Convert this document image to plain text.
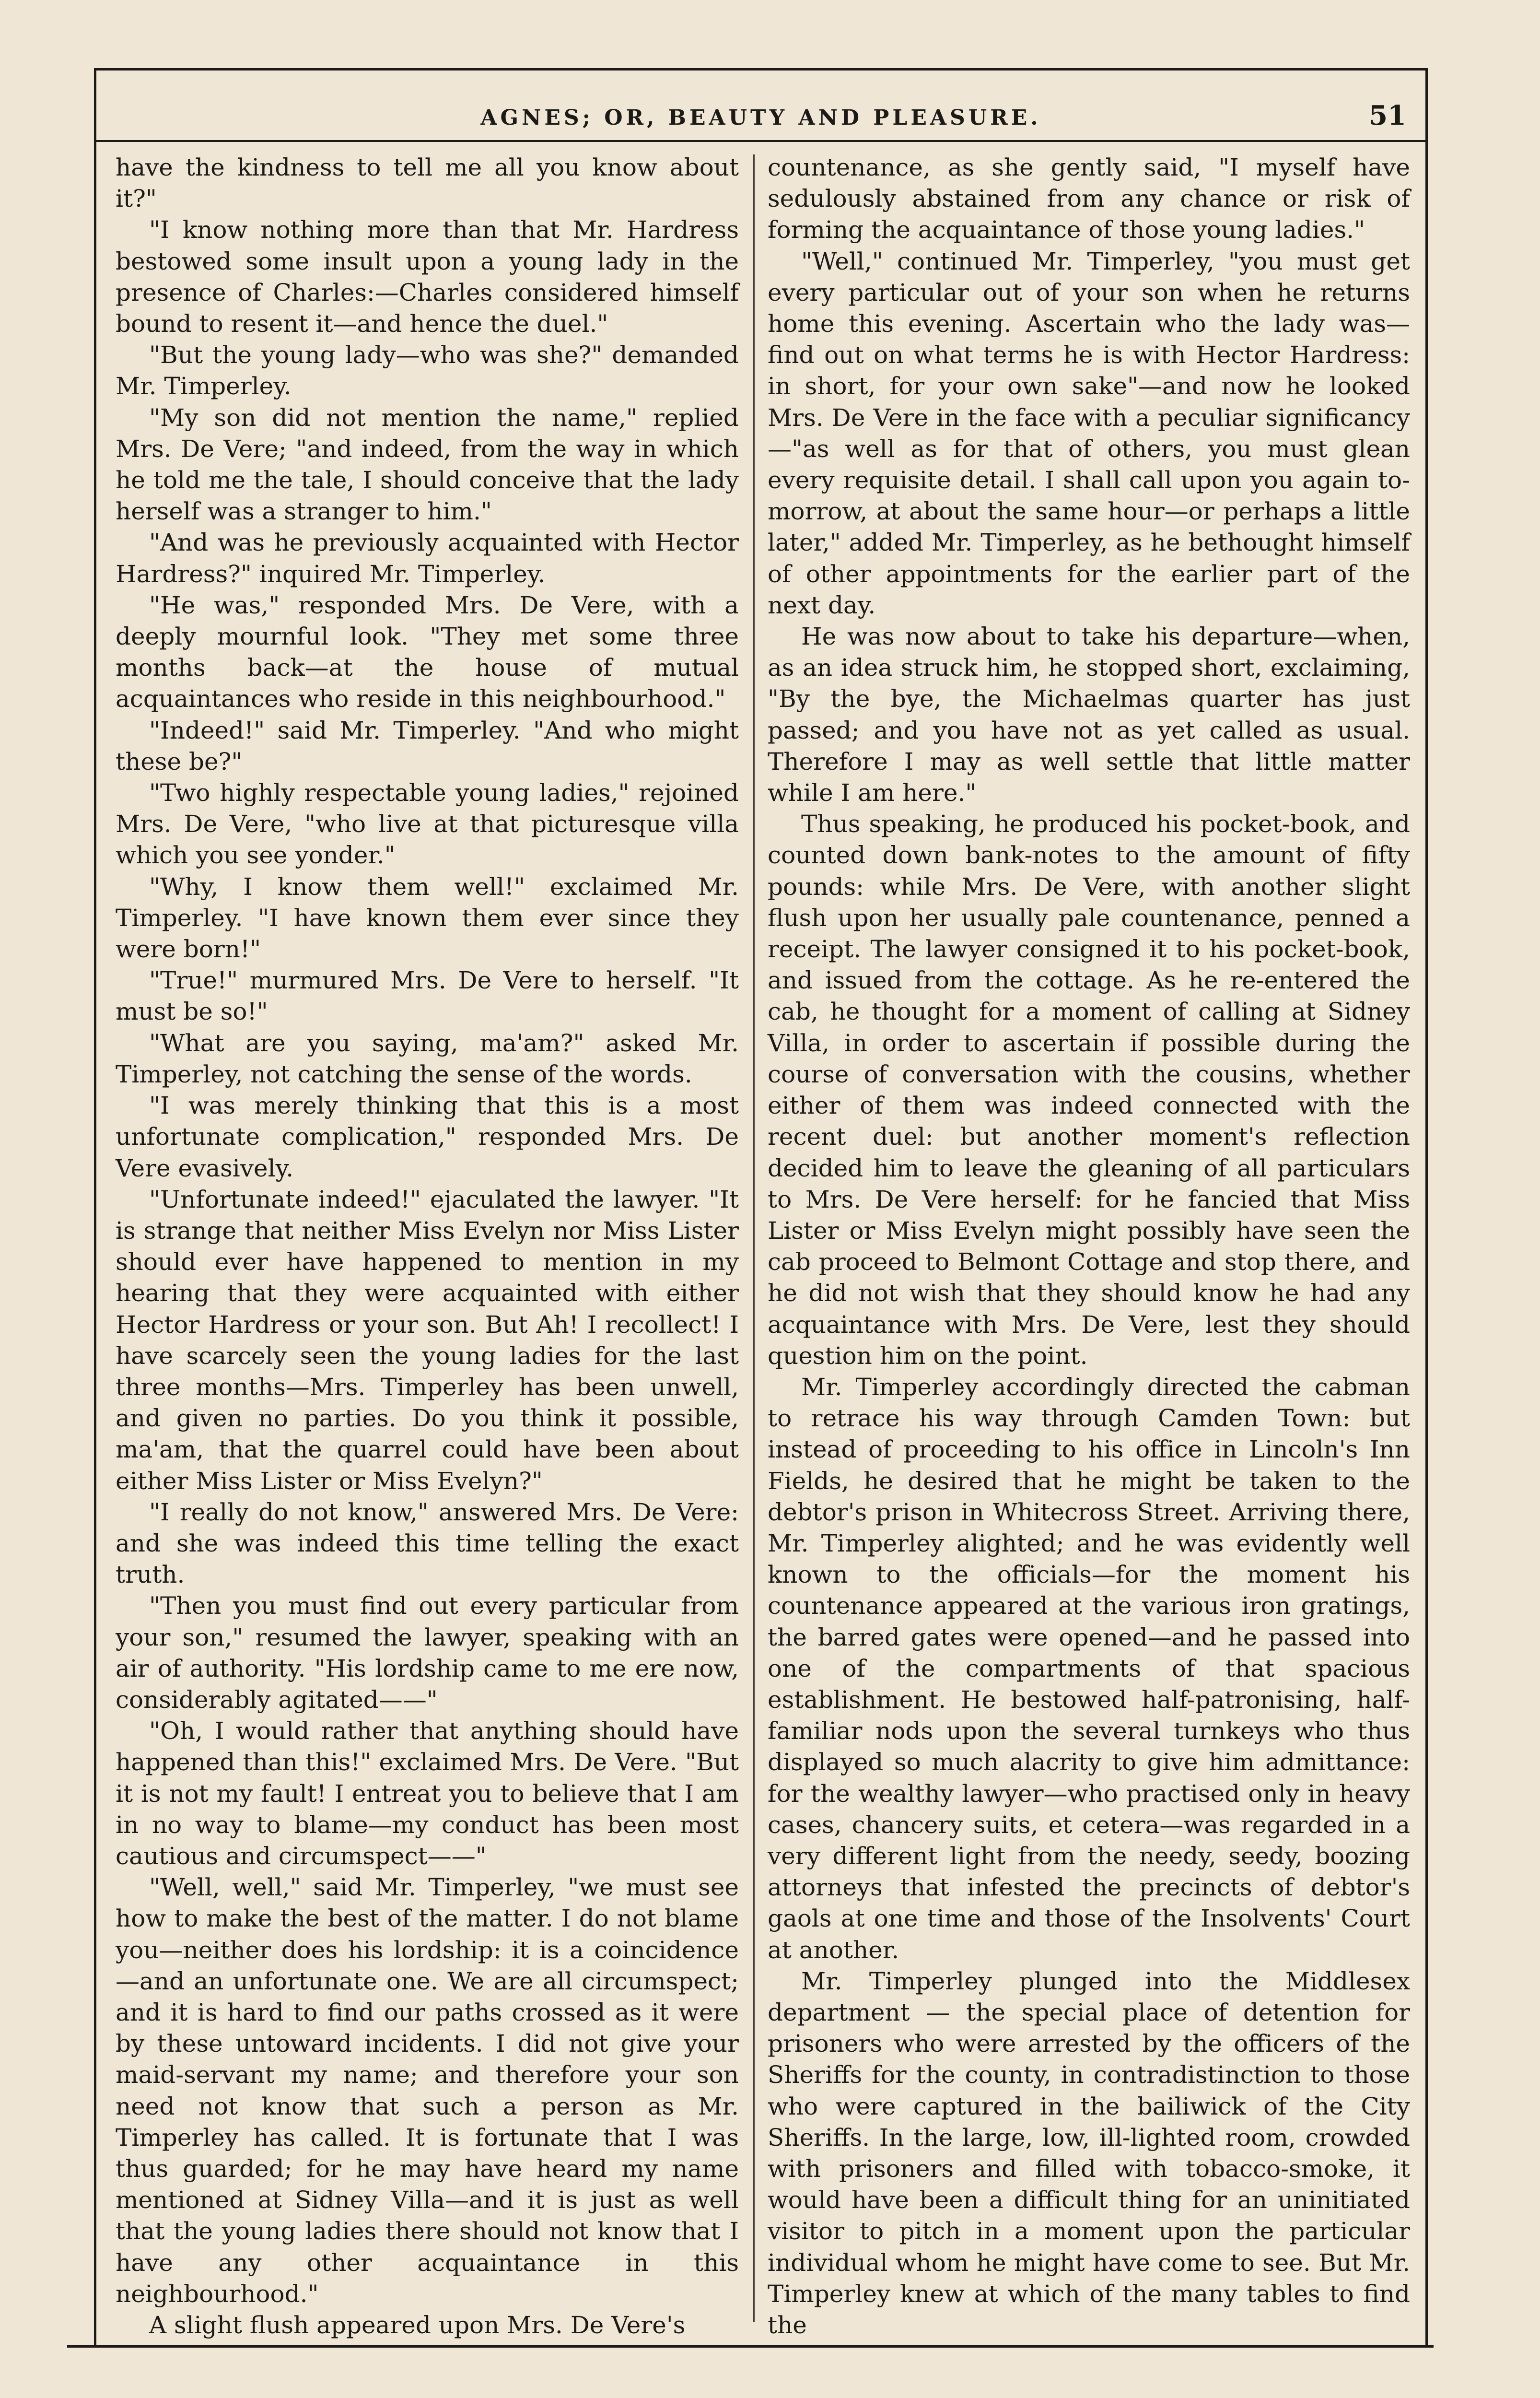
AGNES; OR, BEAUTY AND PLEASURE.	51

have the kindness to tell me all you know about it?"

"I know nothing more than that Mr. Hardress bestowed some insult upon a young lady in the presence of Charles:—Charles considered himself bound to resent it—and hence the duel."

"But the young lady—who was she?" demanded Mr. Timperley.

"My son did not mention the name," replied Mrs. De Vere; "and indeed, from the way in which he told me the tale, I should conceive that the lady herself was a stranger to him."

"And was he previously acquainted with Hector Hardress?" inquired Mr. Timperley.

"He was," responded Mrs. De Vere, with a deeply mournful look. "They met some three months back—at the house of mutual acquaintances who reside in this neighbourhood."

"Indeed!" said Mr. Timperley. "And who might these be?"

"Two highly respectable young ladies," rejoined Mrs. De Vere, "who live at that picturesque villa which you see yonder."

"Why, I know them well!" exclaimed Mr. Timperley. "I have known them ever since they were born!"

"True!" murmured Mrs. De Vere to herself. "It must be so!"

"What are you saying, ma'am?" asked Mr. Timperley, not catching the sense of the words.

"I was merely thinking that this is a most unfortunate complication," responded Mrs. De Vere evasively.

"Unfortunate indeed!" ejaculated the lawyer. "It is strange that neither Miss Evelyn nor Miss Lister should ever have happened to mention in my hearing that they were acquainted with either Hector Hardress or your son. But Ah! I recollect! I have scarcely seen the young ladies for the last three months—Mrs. Timperley has been unwell, and given no parties. Do you think it possible, ma'am, that the quarrel could have been about either Miss Lister or Miss Evelyn?"

"I really do not know," answered Mrs. De Vere: and she was indeed this time telling the exact truth.

"Then you must find out every particular from your son," resumed the lawyer, speaking with an air of authority. "His lordship came to me ere now, considerably agitated——"

"Oh, I would rather that anything should have happened than this!" exclaimed Mrs. De Vere. "But it is not my fault! I entreat you to believe that I am in no way to blame—my conduct has been most cautious and circumspect——"

"Well, well," said Mr. Timperley, "we must see how to make the best of the matter. I do not blame you—neither does his lordship: it is a coincidence—and an unfortunate one. We are all circumspect; and it is hard to find our paths crossed as it were by these untoward incidents. I did not give your maid-servant my name; and therefore your son need not know that such a person as Mr. Timperley has called. It is fortunate that I was thus guarded; for he may have heard my name mentioned at Sidney Villa—and it is just as well that the young ladies there should not know that I have any other acquaintance in this neighbourhood."

A slight flush appeared upon Mrs. De Vere's

countenance, as she gently said, "I myself have sedulously abstained from any chance or risk of forming the acquaintance of those young ladies."

"Well," continued Mr. Timperley, "you must get every particular out of your son when he returns home this evening. Ascertain who the lady was—find out on what terms he is with Hector Hardress: in short, for your own sake"—and now he looked Mrs. De Vere in the face with a peculiar significancy—"as well as for that of others, you must glean every requisite detail. I shall call upon you again to-morrow, at about the same hour—or perhaps a little later," added Mr. Timperley, as he bethought himself of other appointments for the earlier part of the next day.

He was now about to take his departure—when, as an idea struck him, he stopped short, exclaiming, "By the bye, the Michaelmas quarter has just passed; and you have not as yet called as usual. Therefore I may as well settle that little matter while I am here."

Thus speaking, he produced his pocket-book, and counted down bank-notes to the amount of fifty pounds: while Mrs. De Vere, with another slight flush upon her usually pale countenance, penned a receipt. The lawyer consigned it to his pocket-book, and issued from the cottage. As he re-entered the cab, he thought for a moment of calling at Sidney Villa, in order to ascertain if possible during the course of conversation with the cousins, whether either of them was indeed connected with the recent duel: but another moment's reflection decided him to leave the gleaning of all particulars to Mrs. De Vere herself: for he fancied that Miss Lister or Miss Evelyn might possibly have seen the cab proceed to Belmont Cottage and stop there, and he did not wish that they should know he had any acquaintance with Mrs. De Vere, lest they should question him on the point.

Mr. Timperley accordingly directed the cabman to retrace his way through Camden Town: but instead of proceeding to his office in Lincoln's Inn Fields, he desired that he might be taken to the debtor's prison in Whitecross Street. Arriving there, Mr. Timperley alighted; and he was evidently well known to the officials—for the moment his countenance appeared at the various iron gratings, the barred gates were opened—and he passed into one of the compartments of that spacious establishment. He bestowed half-patronising, half-familiar nods upon the several turnkeys who thus displayed so much alacrity to give him admittance: for the wealthy lawyer—who practised only in heavy cases, chancery suits, et cetera—was regarded in a very different light from the needy, seedy, boozing attorneys that infested the precincts of debtor's gaols at one time and those of the Insolvents' Court at another.

Mr. Timperley plunged into the Middlesex department — the special place of detention for prisoners who were arrested by the officers of the Sheriffs for the county, in contradistinction to those who were captured in the bailiwick of the City Sheriffs. In the large, low, ill-lighted room, crowded with prisoners and filled with tobacco-smoke, it would have been a difficult thing for an uninitiated visitor to pitch in a moment upon the particular individual whom he might have come to see. But Mr. Timperley knew at which of the many tables to find the
